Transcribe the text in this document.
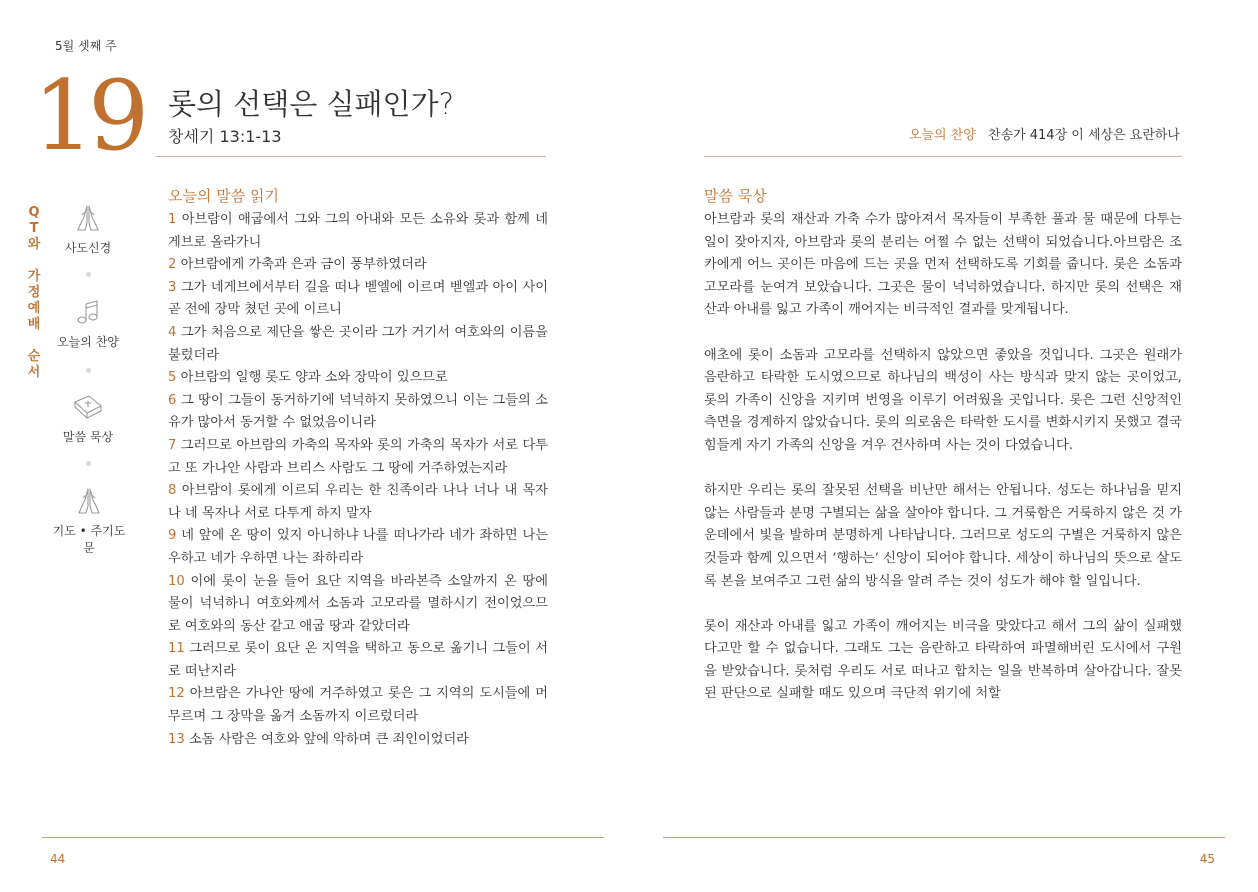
5월 셋째 주
19 롯의 선택은 실패인가?
창세기 13:1-13	오늘의 찬양 찬송가 414장 이 세상은 요란하나
Q
T
와
가
정
예
배
순
서
사도신경
오늘의 찬양
말씀 묵상
기도 • 주기도문
오늘의 말씀 읽기

1 아브람이 애굽에서 그와 그의 아내와 모든 소유와 롯과 함께 네게브로 올라가니

2 아브람에게 가축과 은과 금이 풍부하였더라

3 그가 네게브에서부터 길을 떠나 벧엘에 이르며 벧엘과 아이 사이 곧 전에 장막 쳤던 곳에 이르니

4 그가 처음으로 제단을 쌓은 곳이라 그가 거기서 여호와의 이름을 불렀더라

5 아브람의 일행 롯도 양과 소와 장막이 있으므로

6 그 땅이 그들이 동거하기에 넉넉하지 못하였으니 이는 그들의 소유가 많아서 동거할 수 없었음이니라

7 그러므로 아브람의 가축의 목자와 롯의 가축의 목자가 서로 다투고 또 가나안 사람과 브리스 사람도 그 땅에 거주하였는지라

8 아브람이 롯에게 이르되 우리는 한 친족이라 나나 너나 내 목자나 네 목자나 서로 다투게 하지 말자

9 네 앞에 온 땅이 있지 아니하냐 나를 떠나가라 네가 좌하면 나는 우하고 네가 우하면 나는 좌하리라

10 이에 롯이 눈을 들어 요단 지역을 바라본즉 소알까지 온 땅에 물이 넉넉하니 여호와께서 소돔과 고모라를 멸하시기 전이었으므로 여호와의 동산 같고 애굽 땅과 같았더라

11 그러므로 롯이 요단 온 지역을 택하고 동으로 옮기니 그들이 서로 떠난지라

12 아브람은 가나안 땅에 거주하였고 롯은 그 지역의 도시들에 머무르며 그 장막을 옮겨 소돔까지 이르렀더라

13 소돔 사람은 여호와 앞에 악하며 큰 죄인이었더라

말씀 묵상

아브람과 롯의 재산과 가축 수가 많아져서 목자들이 부족한 풀과 물 때문에 다투는 일이 잦아지자, 아브람과 롯의 분리는 어쩔 수 없는 선택이 되었습니다.아브람은 조카에게 어느 곳이든 마음에 드는 곳을 먼저 선택하도록 기회를 줍니다. 롯은 소돔과 고모라를 눈여겨 보았습니다. 그곳은 물이 넉넉하였습니다. 하지만 롯의 선택은 재산과 아내를 잃고 가족이 깨어지는 비극적인 결과를 맞게됩니다.

애초에 롯이 소돔과 고모라를 선택하지 않았으면 좋았을 것입니다. 그곳은 원래가 음란하고 타락한 도시였으므로 하나님의 백성이 사는 방식과 맞지 않는 곳이었고, 롯의 가족이 신앙을 지키며 번영을 이루기 어려웠을 곳입니다. 롯은 그런 신앙적인 측면을 경계하지 않았습니다. 롯의 의로움은 타락한 도시를 변화시키지 못했고 결국 힘들게 자기 가족의 신앙을 겨우 건사하며 사는 것이 다였습니다.

하지만 우리는 롯의 잘못된 선택을 비난만 해서는 안됩니다. 성도는 하나님을 믿지 않는 사람들과 분명 구별되는 삶을 살아야 합니다. 그 거룩함은 거룩하지 않은 것 가운데에서 빛을 발하며 분명하게 나타납니다. 그러므로 성도의 구별은 거룩하지 않은 것들과 함께 있으면서 ‘행하는’ 신앙이 되어야 합니다. 세상이 하나님의 뜻으로 살도록 본을 보여주고 그런 삶의 방식을 알려 주는 것이 성도가 해야 할 일입니다.

롯이 재산과 아내를 잃고 가족이 깨어지는 비극을 맞았다고 해서 그의 삶이 실패했다고만 할 수 없습니다. 그래도 그는 음란하고 타락하여 파멸해버린 도시에서 구원을 받았습니다. 롯처럼 우리도 서로 떠나고 합치는 일을 반복하며 살아갑니다. 잘못된 판단으로 실패할 때도 있으며 극단적 위기에 처할

44	45
